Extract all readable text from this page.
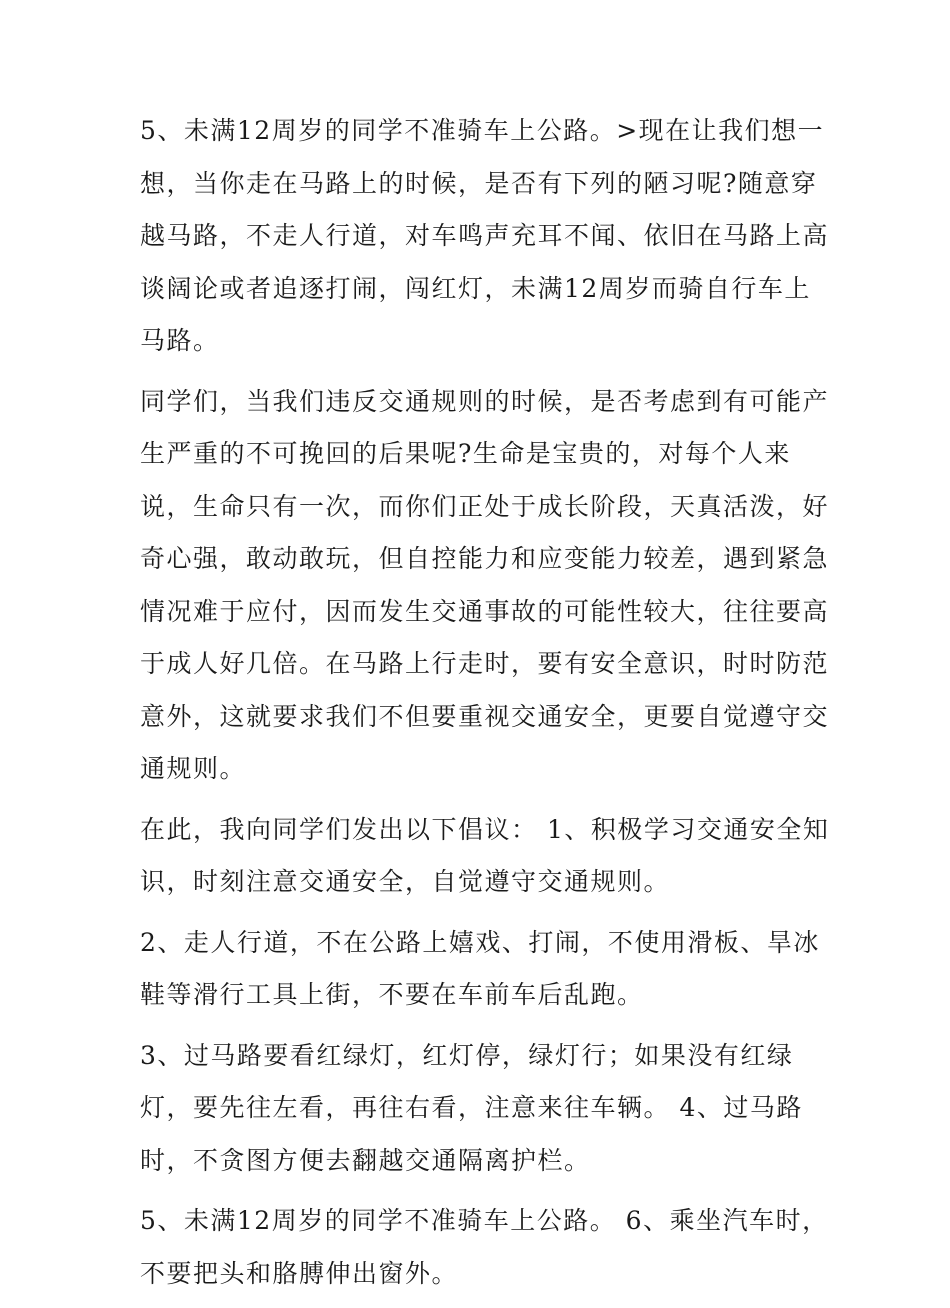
5、未满12周岁的同学不准骑车上公路。>现在让我们想一想，当你走在马路上的时候，是否有下列的陋习呢?随意穿越马路，不走人行道，对车鸣声充耳不闻、依旧在马路上高谈阔论或者追逐打闹，闯红灯，未满12周岁而骑自行车上马路。

同学们，当我们违反交通规则的时候，是否考虑到有可能产生严重的不可挽回的后果呢?生命是宝贵的，对每个人来说，生命只有一次，而你们正处于成长阶段，天真活泼，好奇心强，敢动敢玩，但自控能力和应变能力较差，遇到紧急情况难于应付，因而发生交通事故的可能性较大，往往要高于成人好几倍。在马路上行走时，要有安全意识，时时防范意外，这就要求我们不但要重视交通安全，更要自觉遵守交通规则。

在此，我向同学们发出以下倡议： 1、积极学习交通安全知识，时刻注意交通安全，自觉遵守交通规则。

2、走人行道，不在公路上嬉戏、打闹，不使用滑板、旱冰鞋等滑行工具上街，不要在车前车后乱跑。

3、过马路要看红绿灯，红灯停，绿灯行；如果没有红绿灯，要先往左看，再往右看，注意来往车辆。 4、过马路时，不贪图方便去翻越交通隔离护栏。

5、未满12周岁的同学不准骑车上公路。 6、乘坐汽车时，不要把头和胳膊伸出窗外。
